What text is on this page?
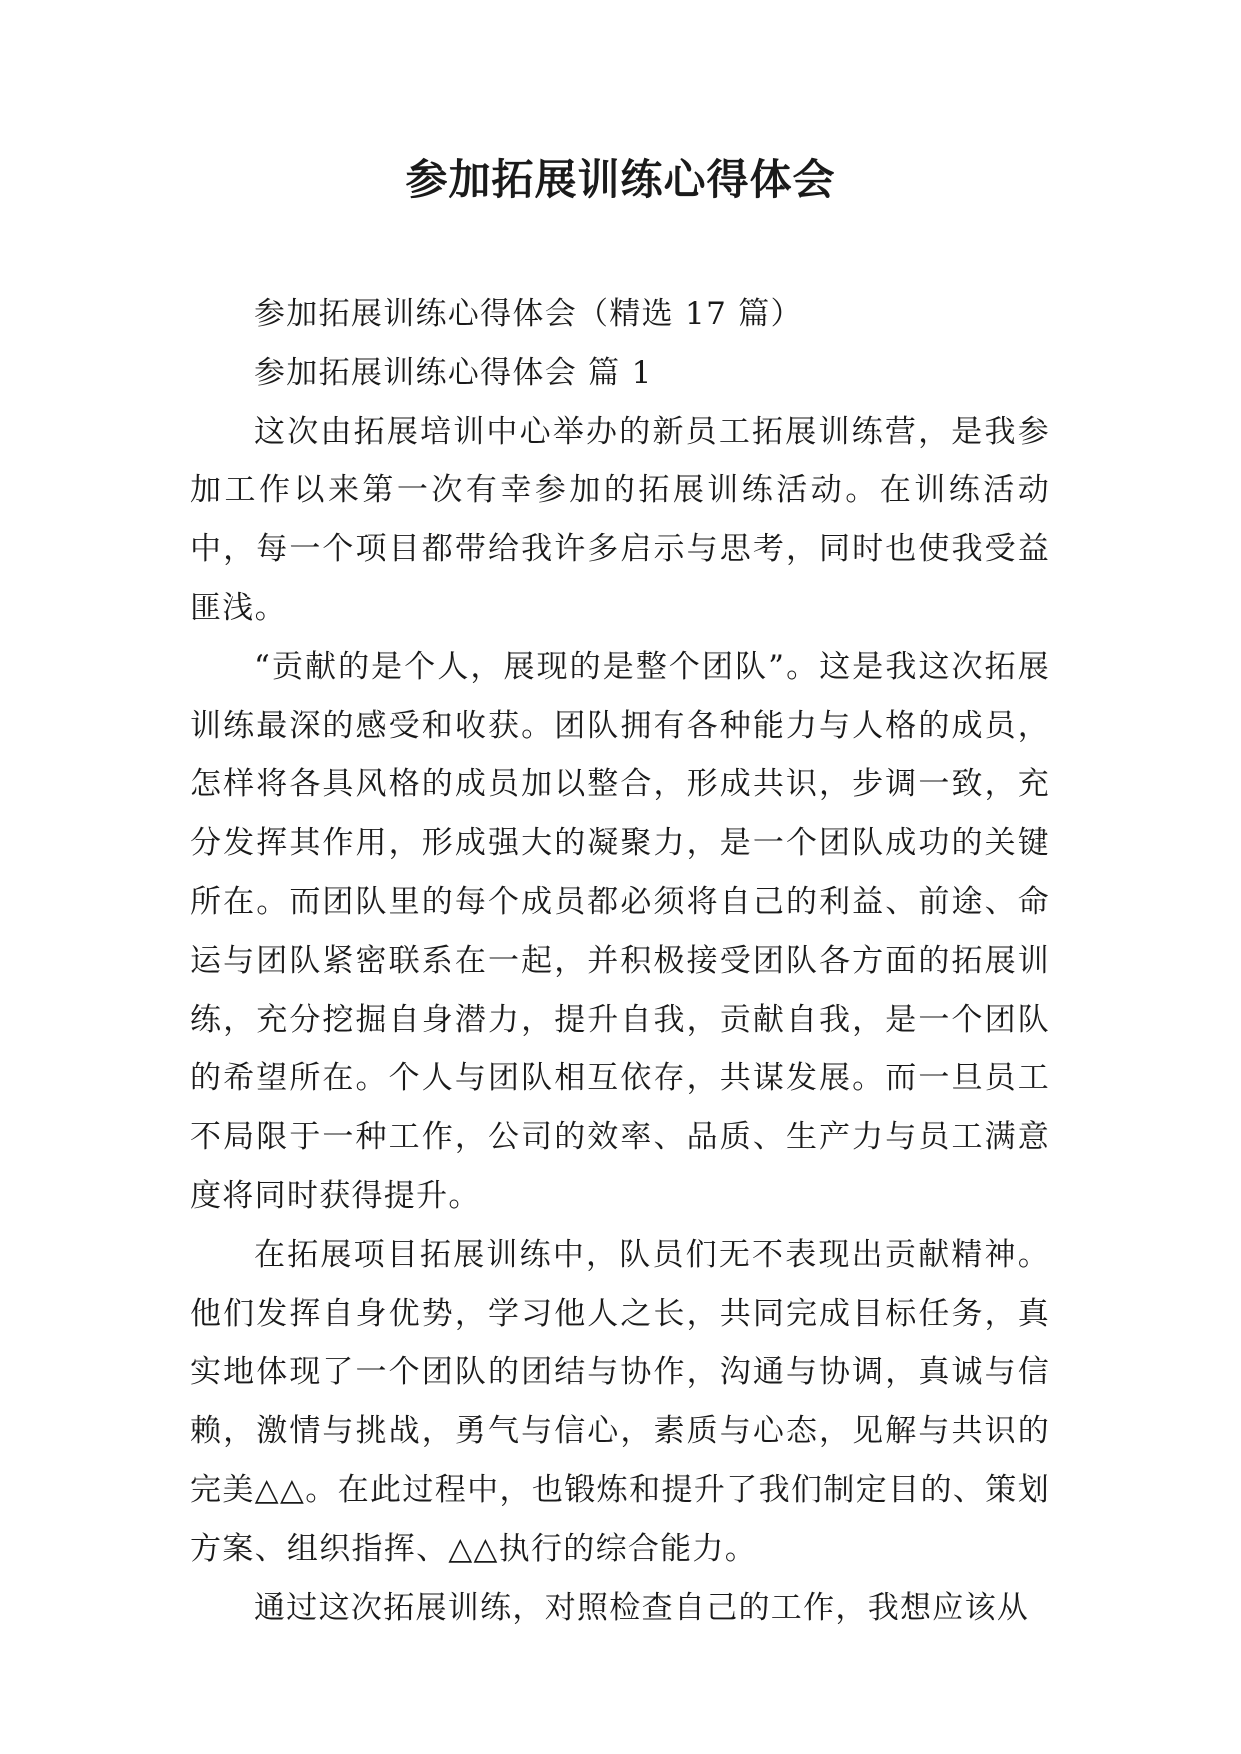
参加拓展训练心得体会

参加拓展训练心得体会（精选 17 篇）

参加拓展训练心得体会 篇 1

这次由拓展培训中心举办的新员工拓展训练营，是我参加工作以来第一次有幸参加的拓展训练活动。在训练活动中，每一个项目都带给我许多启示与思考，同时也使我受益匪浅。

“贡献的是个人，展现的是整个团队”。这是我这次拓展训练最深的感受和收获。团队拥有各种能力与人格的成员，怎样将各具风格的成员加以整合，形成共识，步调一致，充分发挥其作用，形成强大的凝聚力，是一个团队成功的关键所在。而团队里的每个成员都必须将自己的利益、前途、命运与团队紧密联系在一起，并积极接受团队各方面的拓展训练，充分挖掘自身潜力，提升自我，贡献自我，是一个团队的希望所在。个人与团队相互依存，共谋发展。而一旦员工不局限于一种工作，公司的效率、品质、生产力与员工满意度将同时获得提升。

在拓展项目拓展训练中，队员们无不表现出贡献精神。他们发挥自身优势，学习他人之长，共同完成目标任务，真实地体现了一个团队的团结与协作，沟通与协调，真诚与信赖，激情与挑战，勇气与信心，素质与心态，见解与共识的完美△△。在此过程中，也锻炼和提升了我们制定目的、策划方案、组织指挥、△△执行的综合能力。

通过这次拓展训练，对照检查自己的工作，我想应该从
